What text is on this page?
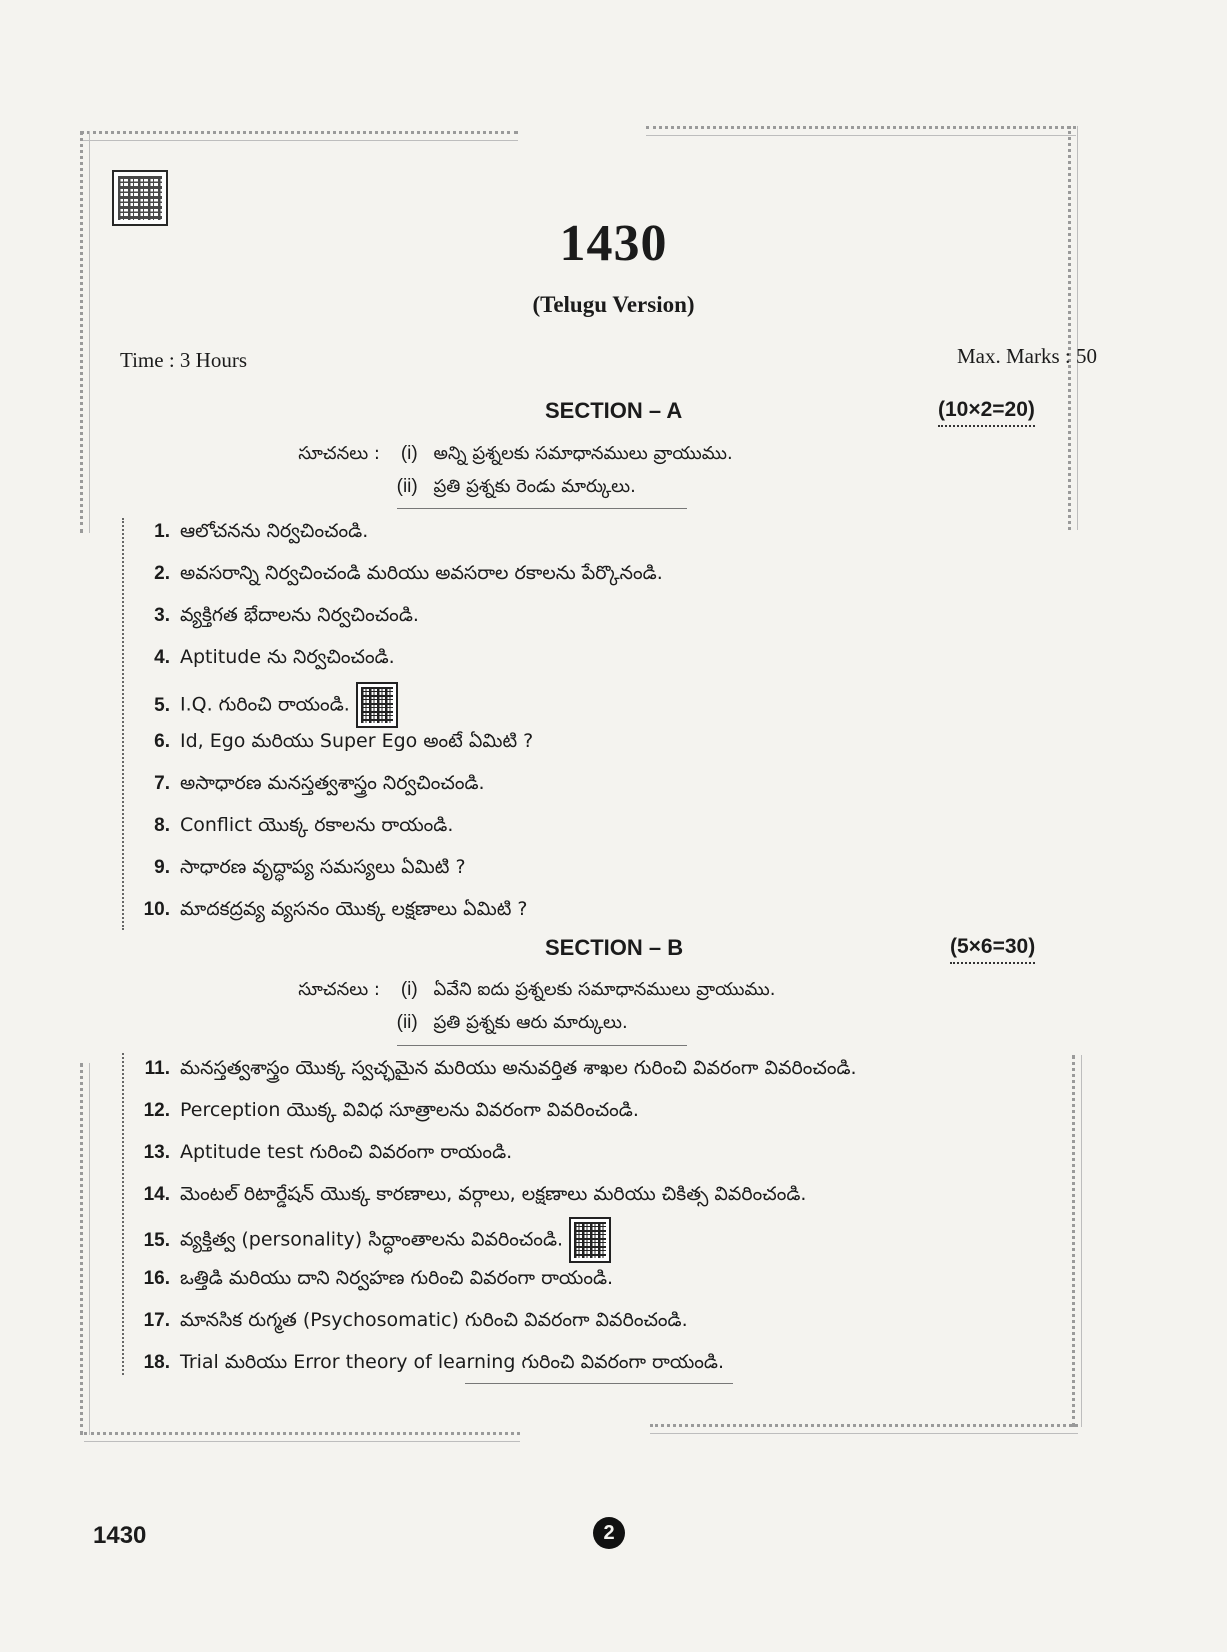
1430
(Telugu Version)
Time : 3 Hours	Max. Marks : 50
SECTION – A	(10×2=20)
సూచనలు : (i) అన్ని ప్రశ్నలకు సమాధానములు వ్రాయుము.
(ii) ప్రతి ప్రశ్నకు రెండు మార్కులు.
1. ఆలోచనను నిర్వచించండి.
2. అవసరాన్ని నిర్వచించండి మరియు అవసరాల రకాలను పేర్కొనండి.
3. వ్యక్తిగత భేదాలను నిర్వచించండి.
4. Aptitude ను నిర్వచించండి.
5. I.Q. గురించి రాయండి.
6. Id, Ego మరియు Super Ego అంటే ఏమిటి ?
7. అసాధారణ మనస్తత్వశాస్త్రం నిర్వచించండి.
8. Conflict యొక్క రకాలను రాయండి.
9. సాధారణ వృద్ధాప్య సమస్యలు ఏమిటి ?
10. మాదకద్రవ్య వ్యసనం యొక్క లక్షణాలు ఏమిటి ?
SECTION – B	(5×6=30)
సూచనలు : (i) ఏవేని ఐదు ప్రశ్నలకు సమాధానములు వ్రాయుము.
(ii) ప్రతి ప్రశ్నకు ఆరు మార్కులు.
11. మనస్తత్వశాస్త్రం యొక్క స్వచ్ఛమైన మరియు అనువర్తిత శాఖల గురించి వివరంగా వివరించండి.
12. Perception యొక్క వివిధ సూత్రాలను వివరంగా వివరించండి.
13. Aptitude test గురించి వివరంగా రాయండి.
14. మెంటల్ రిటార్డేషన్ యొక్క కారణాలు, వర్గాలు, లక్షణాలు మరియు చికిత్స వివరించండి.
15. వ్యక్తిత్వ (personality) సిద్ధాంతాలను వివరించండి.
16. ఒత్తిడి మరియు దాని నిర్వహణ గురించి వివరంగా రాయండి.
17. మానసిక రుగ్మత (Psychosomatic) గురించి వివరంగా వివరించండి.
18. Trial మరియు Error theory of learning గురించి వివరంగా రాయండి.
1430	2
